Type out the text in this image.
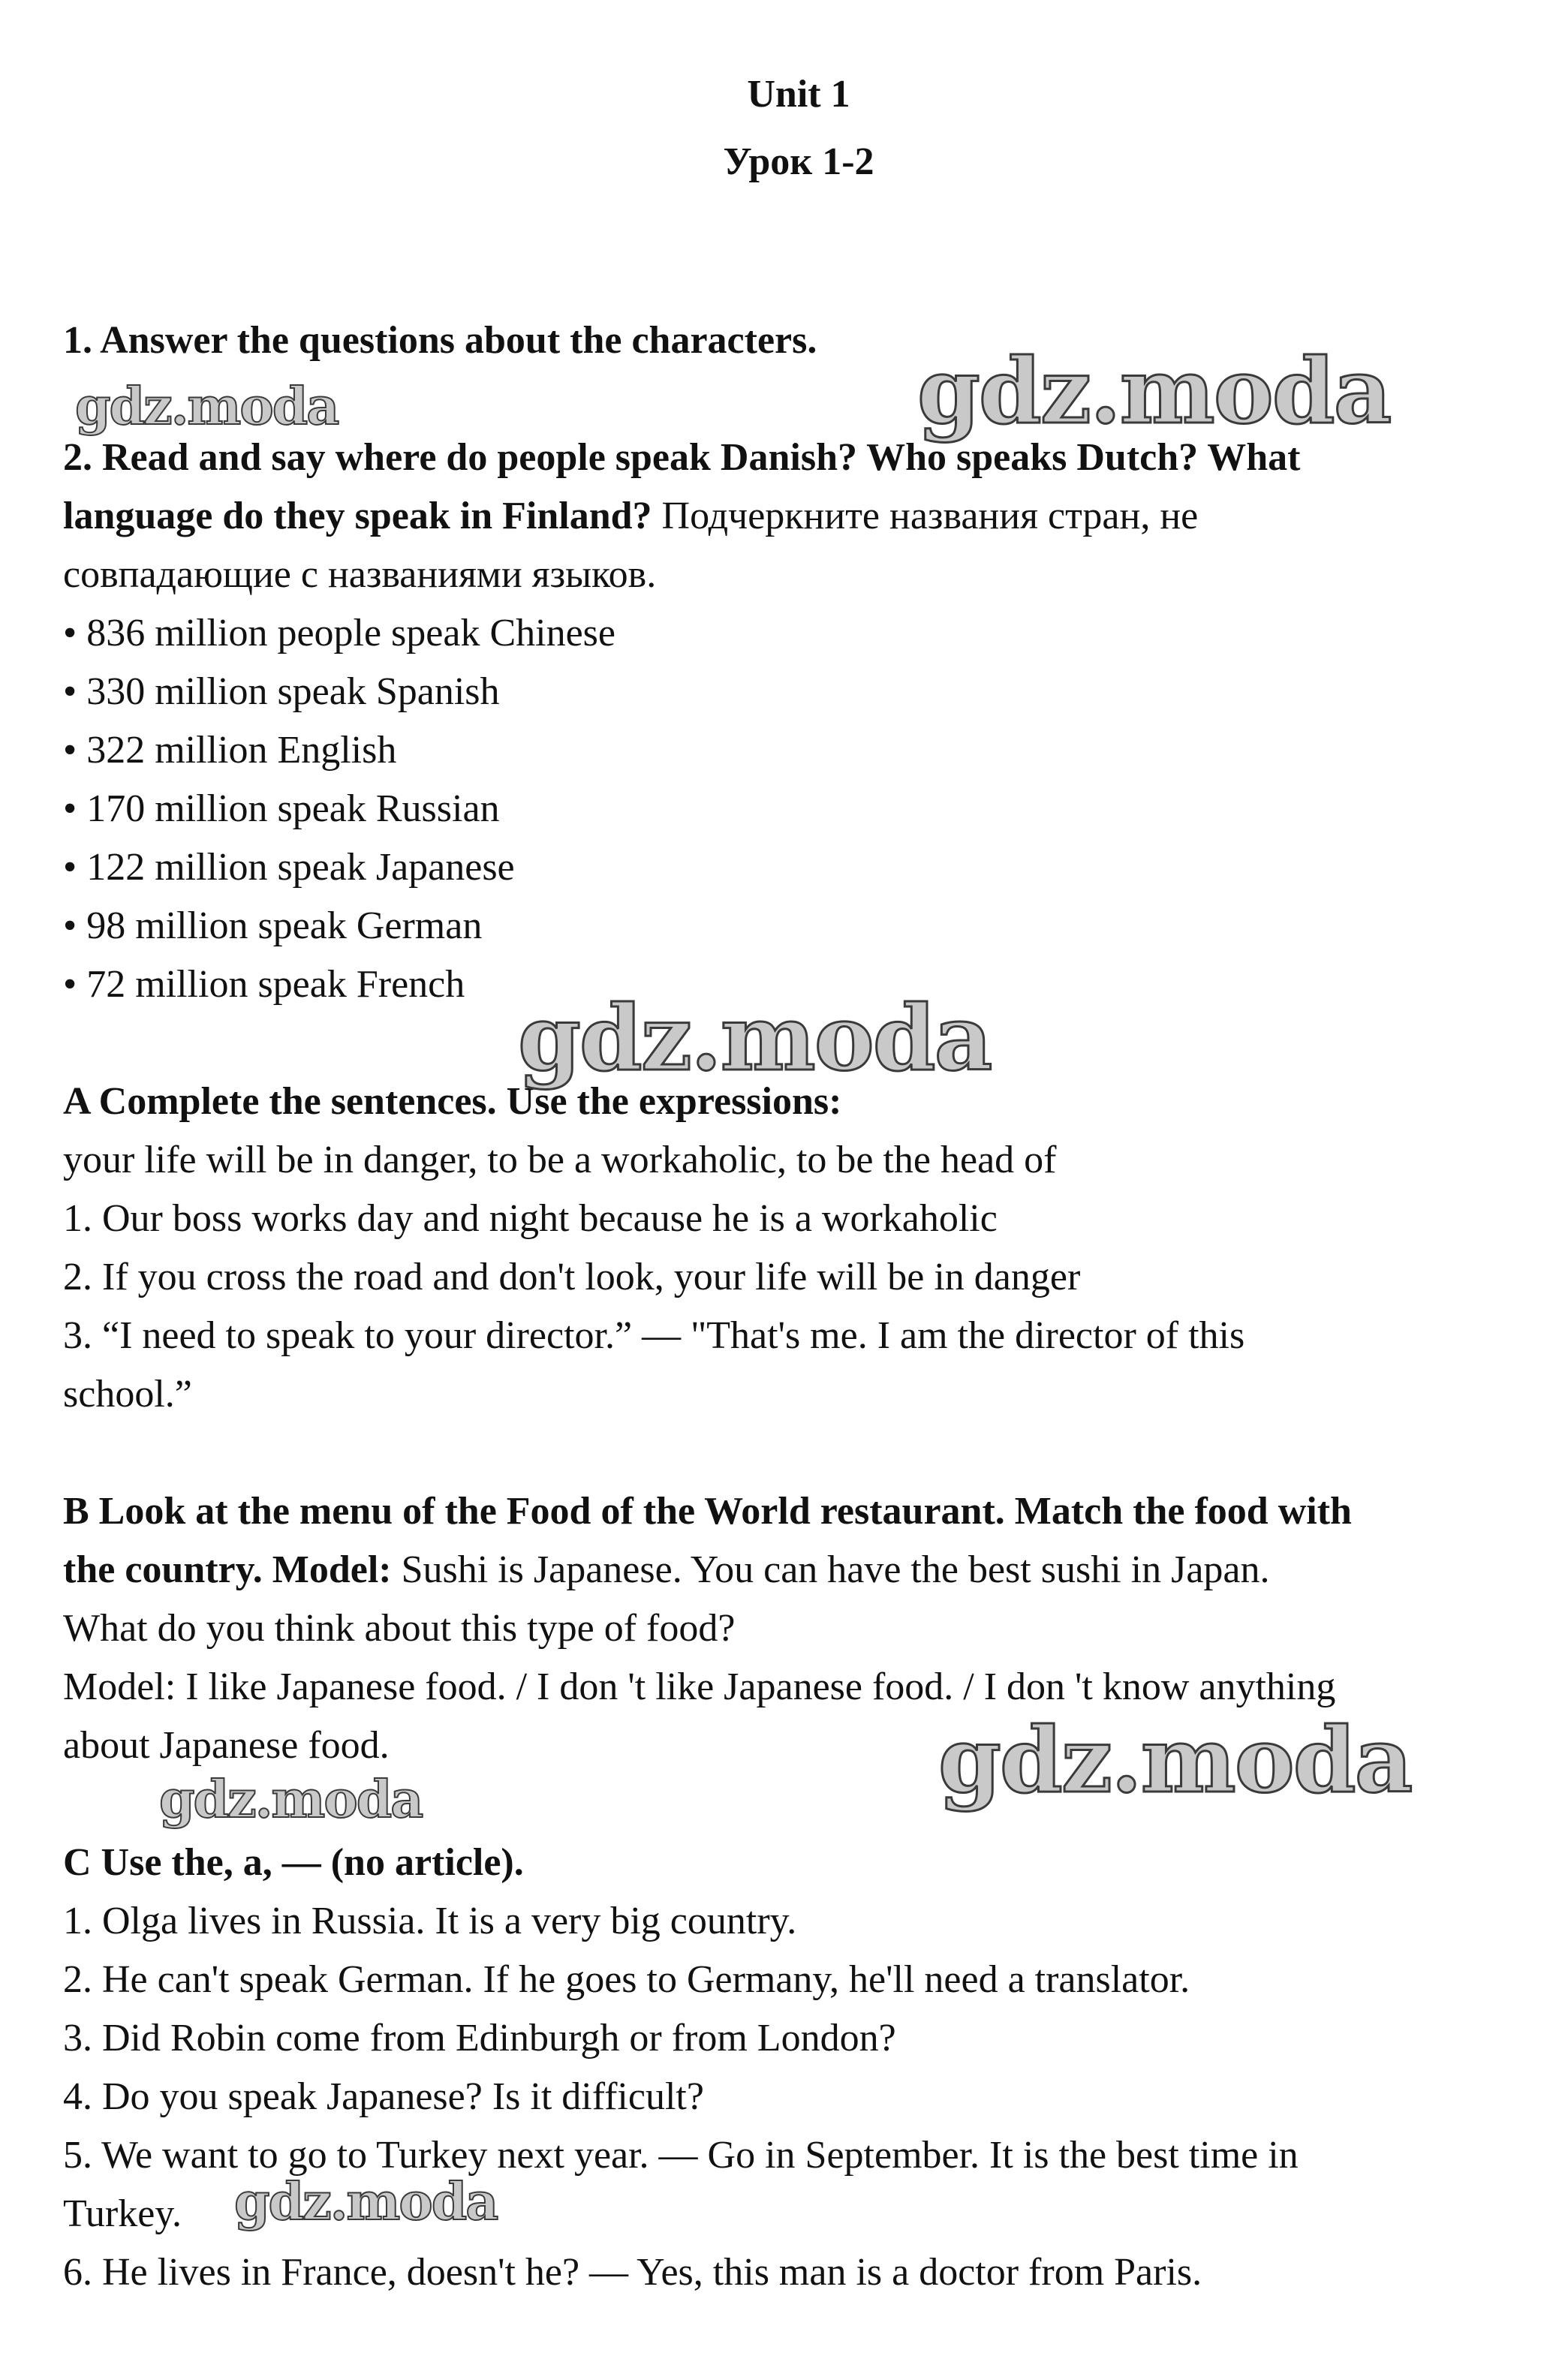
Unit 1
Урок 1-2
1. Answer the questions about the characters.
2. Read and say where do people speak Danish? Who speaks Dutch? What
language do they speak in Finland? Подчеркните названия стран, не
совпадающие с названиями языков.
• 836 million people speak Chinese
• 330 million speak Spanish
• 322 million English
• 170 million speak Russian
• 122 million speak Japanese
• 98 million speak German
• 72 million speak French
A Complete the sentences. Use the expressions:
your life will be in danger, to be a workaholic, to be the head of
1. Our boss works day and night because he is a workaholic
2. If you cross the road and don't look, your life will be in danger
3. “I need to speak to your director.” — "That's me. I am the director of this
school.”
B Look at the menu of the Food of the World restaurant. Match the food with
the country. Model: Sushi is Japanese. You can have the best sushi in Japan.
What do you think about this type of food?
Model: I like Japanese food. / I don 't like Japanese food. / I don 't know anything
about Japanese food.
C Use the, a, — (no article).
1. Olga lives in Russia. It is a very big country.
2. He can't speak German. If he goes to Germany, he'll need a translator.
3. Did Robin come from Edinburgh or from London?
4. Do you speak Japanese? Is it difficult?
5. We want to go to Turkey next year. — Go in September. It is the best time in
Turkey.
6. He lives in France, doesn't he? — Yes, this man is a doctor from Paris.
gdz.moda	gdz.moda
gdz.moda
gdz.moda
gdz.moda
gdz.moda
